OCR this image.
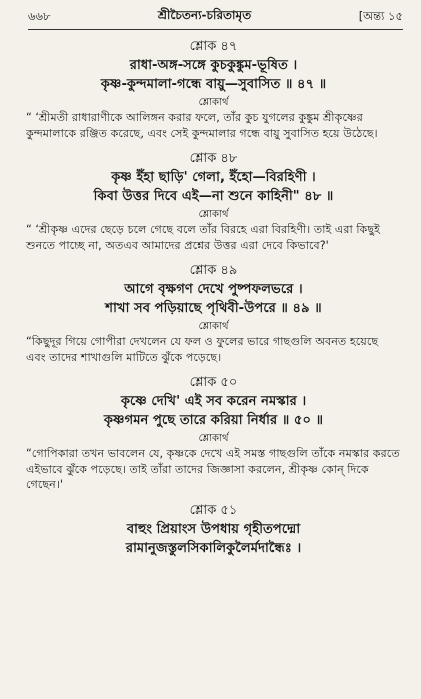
৬৬৮	শ্রীচৈতন্য-চরিতামৃত	[অন্ত্য ১৫

শ্লোক ৪৭

রাধা-অঙ্গ-সঙ্গে কুচকুঙ্কুম-ভূষিত ।

কৃষ্ণ-কুন্দমালা-গন্ধে বায়ু—সুবাসিত ॥ ৪৭ ॥

শ্লোকার্থ

“ ‘শ্রীমতী রাধারাণীকে আলিঙ্গন করার ফলে, তাঁর কুচ যুগলের কুঙ্কুম শ্রীকৃষ্ণের

কুন্দমালাকে রঞ্জিত করেছে, এবং সেই কুন্দমালার গন্ধে বায়ু সুবাসিত হয়ে উঠেছে।

শ্লোক ৪৮

কৃষ্ণ ইঁহা ছাড়ি' গেলা, ইঁহো—বিরহিণী ।

কিবা উত্তর দিবে এই—না শুনে কাহিনী" ৪৮ ॥

শ্লোকার্থ

“ ‘শ্রীকৃষ্ণ এদের ছেড়ে চলে গেছে বলে তাঁর বিরহে এরা বিরহিণী। তাই এরা কিছুই

শুনতে পাচ্ছে না, অতএব আমাদের প্রশ্নের উত্তর এরা দেবে কিভাবে?'

শ্লোক ৪৯

আগে বৃক্ষগণ দেখে পুষ্পফলভরে ।

শাখা সব পড়িয়াছে পৃথিবী-উপরে ॥ ৪৯ ॥

শ্লোকার্থ

“কিছুদূর গিয়ে গোপীরা দেখলেন যে ফল ও ফুলের ভারে গাছগুলি অবনত হয়েছে

এবং তাদের শাখাগুলি মাটিতে ঝুঁকে পড়েছে।

শ্লোক ৫০

কৃষ্ণে দেখি' এই সব করেন নমস্কার ।

কৃষ্ণগমন পুছে তারে করিয়া নির্ধার ॥ ৫০ ॥

শ্লোকার্থ

“গোপিকারা তখন ভাবলেন যে, কৃষ্ণকে দেখে এই সমস্ত গাছগুলি তাঁকে নমস্কার করতে

এইভাবে ঝুঁকে পড়েছে। তাই তাঁরা তাদের জিজ্ঞাসা করলেন, শ্রীকৃষ্ণ কোন্ দিকে

গেছেন।'

শ্লোক ৫১

বাহুং প্রিয়াংস উপধায় গৃহীতপদ্মো

রামানুজস্তুলসিকালিকুলৈর্মদান্ধৈঃ ।
